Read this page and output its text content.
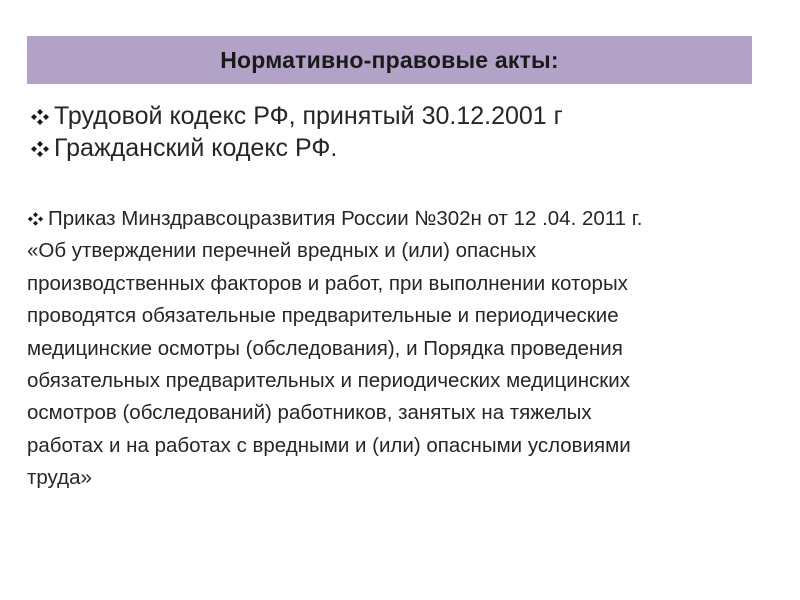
Нормативно-правовые акты:
Трудовой кодекс РФ, принятый 30.12.2001 г
Гражданский кодекс РФ.
Приказ Минздравсоцразвития России №302н от 12 .04. 2011 г.
«Об утверждении перечней вредных и (или) опасных
производственных факторов и работ, при выполнении которых
проводятся обязательные предварительные и периодические
медицинские осмотры (обследования), и Порядка проведения
обязательных предварительных и периодических медицинских
осмотров (обследований) работников, занятых на тяжелых
работах и на работах с вредными и (или) опасными условиями
труда»
